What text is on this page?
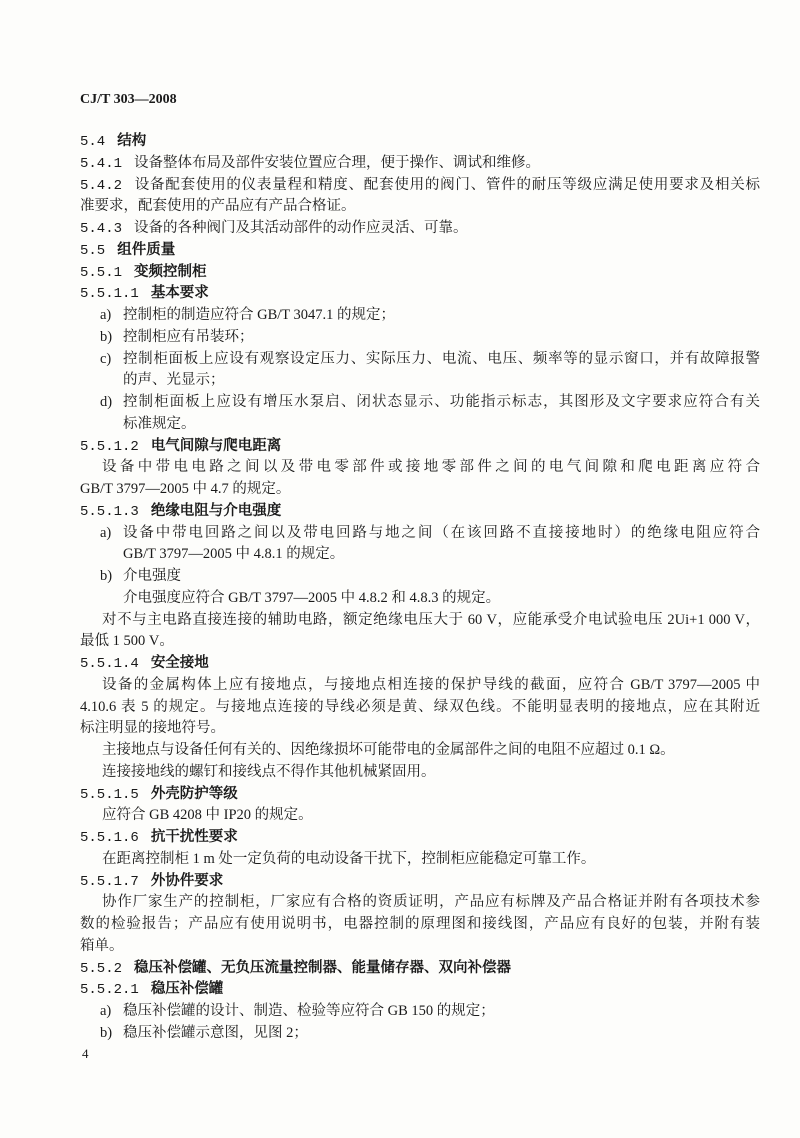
CJ/T 303—2008
5.4 结构
5.4.1 设备整体布局及部件安装位置应合理，便于操作、调试和维修。
5.4.2 设备配套使用的仪表量程和精度、配套使用的阀门、管件的耐压等级应满足使用要求及相关标
准要求，配套使用的产品应有产品合格证。
5.4.3 设备的各种阀门及其活动部件的动作应灵活、可靠。
5.5 组件质量
5.5.1 变频控制柜
5.5.1.1 基本要求
a) 控制柜的制造应符合 GB/T 3047.1 的规定；
b) 控制柜应有吊装环；
c) 控制柜面板上应设有观察设定压力、实际压力、电流、电压、频率等的显示窗口，并有故障报警
的声、光显示；
d) 控制柜面板上应设有增压水泵启、闭状态显示、功能指示标志，其图形及文字要求应符合有关
标准规定。
5.5.1.2 电气间隙与爬电距离
设备中带电电路之间以及带电零部件或接地零部件之间的电气间隙和爬电距离应符合
GB/T 3797—2005 中 4.7 的规定。
5.5.1.3 绝缘电阻与介电强度
a) 设备中带电回路之间以及带电回路与地之间（在该回路不直接接地时）的绝缘电阻应符合
GB/T 3797—2005 中 4.8.1 的规定。
b) 介电强度
介电强度应符合 GB/T 3797—2005 中 4.8.2 和 4.8.3 的规定。
对不与主电路直接连接的辅助电路，额定绝缘电压大于 60 V，应能承受介电试验电压 2Ui+1 000 V，
最低 1 500 V。
5.5.1.4 安全接地
设备的金属构体上应有接地点，与接地点相连接的保护导线的截面，应符合 GB/T 3797—2005 中
4.10.6 表 5 的规定。与接地点连接的导线必须是黄、绿双色线。不能明显表明的接地点，应在其附近
标注明显的接地符号。
主接地点与设备任何有关的、因绝缘损坏可能带电的金属部件之间的电阻不应超过 0.1 Ω。
连接接地线的螺钉和接线点不得作其他机械紧固用。
5.5.1.5 外壳防护等级
应符合 GB 4208 中 IP20 的规定。
5.5.1.6 抗干扰性要求
在距离控制柜 1 m 处一定负荷的电动设备干扰下，控制柜应能稳定可靠工作。
5.5.1.7 外协件要求
协作厂家生产的控制柜，厂家应有合格的资质证明，产品应有标牌及产品合格证并附有各项技术参
数的检验报告；产品应有使用说明书，电器控制的原理图和接线图，产品应有良好的包装，并附有装
箱单。
5.5.2 稳压补偿罐、无负压流量控制器、能量储存器、双向补偿器
5.5.2.1 稳压补偿罐
a) 稳压补偿罐的设计、制造、检验等应符合 GB 150 的规定；
b) 稳压补偿罐示意图，见图 2；
4
